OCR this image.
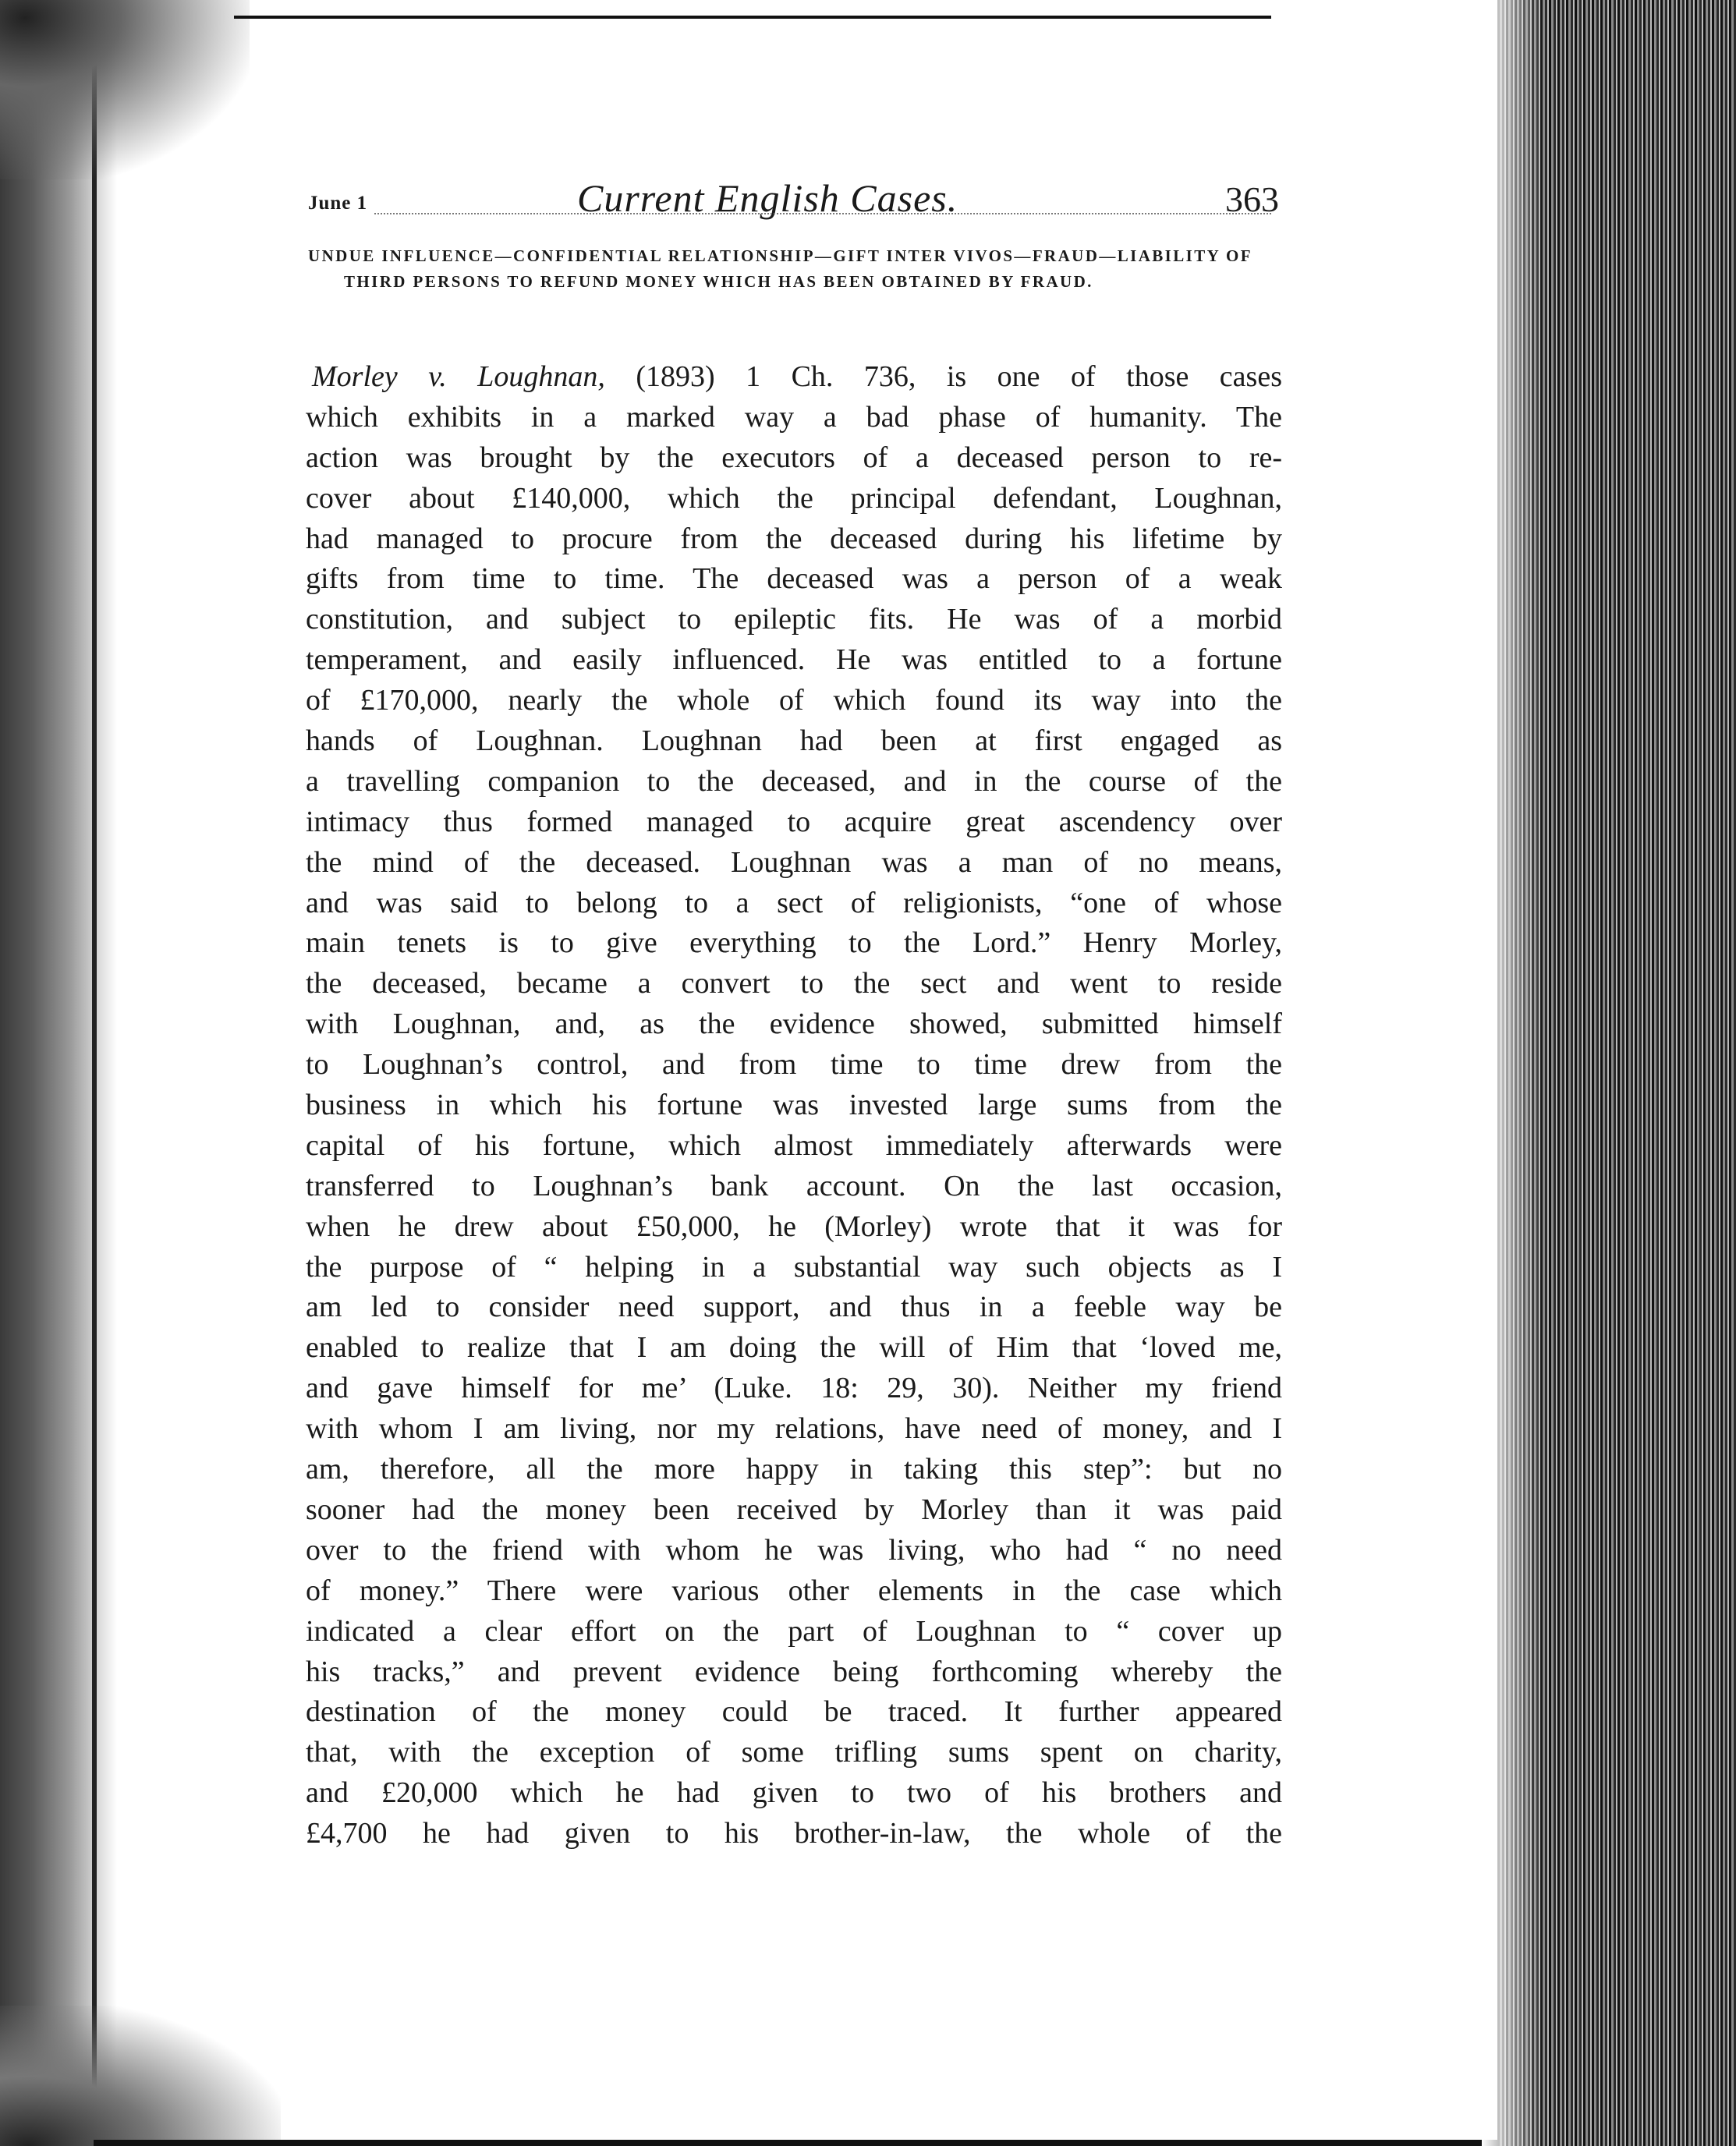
June 1	Current English Cases.	363
UNDUE INFLUENCE—CONFIDENTIAL RELATIONSHIP—GIFT INTER VIVOS—FRAUD—LIABILITY OF THIRD PERSONS TO REFUND MONEY WHICH HAS BEEN OBTAINED BY FRAUD.
Morley v. Loughnan, (1893) 1 Ch. 736, is one of those cases
which exhibits in a marked way a bad phase of humanity. The
action was brought by the executors of a deceased person to re-
cover about £140,000, which the principal defendant, Loughnan,
had managed to procure from the deceased during his lifetime by
gifts from time to time. The deceased was a person of a weak
constitution, and subject to epileptic fits. He was of a morbid
temperament, and easily influenced. He was entitled to a fortune
of £170,000, nearly the whole of which found its way into the
hands of Loughnan. Loughnan had been at first engaged as
a travelling companion to the deceased, and in the course of the
intimacy thus formed managed to acquire great ascendency over
the mind of the deceased. Loughnan was a man of no means,
and was said to belong to a sect of religionists, “one of whose
main tenets is to give everything to the Lord.” Henry Morley,
the deceased, became a convert to the sect and went to reside
with Loughnan, and, as the evidence showed, submitted himself
to Loughnan’s control, and from time to time drew from the
business in which his fortune was invested large sums from the
capital of his fortune, which almost immediately afterwards were
transferred to Loughnan’s bank account. On the last occasion,
when he drew about £50,000, he (Morley) wrote that it was for
the purpose of “ helping in a substantial way such objects as I
am led to consider need support, and thus in a feeble way be
enabled to realize that I am doing the will of Him that ‘loved me,
and gave himself for me’ (Luke. 18: 29, 30). Neither my friend
with whom I am living, nor my relations, have need of money, and I
am, therefore, all the more happy in taking this step”: but no
sooner had the money been received by Morley than it was paid
over to the friend with whom he was living, who had “ no need
of money.” There were various other elements in the case which
indicated a clear effort on the part of Loughnan to “ cover up
his tracks,” and prevent evidence being forthcoming whereby the
destination of the money could be traced. It further appeared
that, with the exception of some trifling sums spent on charity,
and £20,000 which he had given to two of his brothers and
£4,700 he had given to his brother-in-law, the whole of the
